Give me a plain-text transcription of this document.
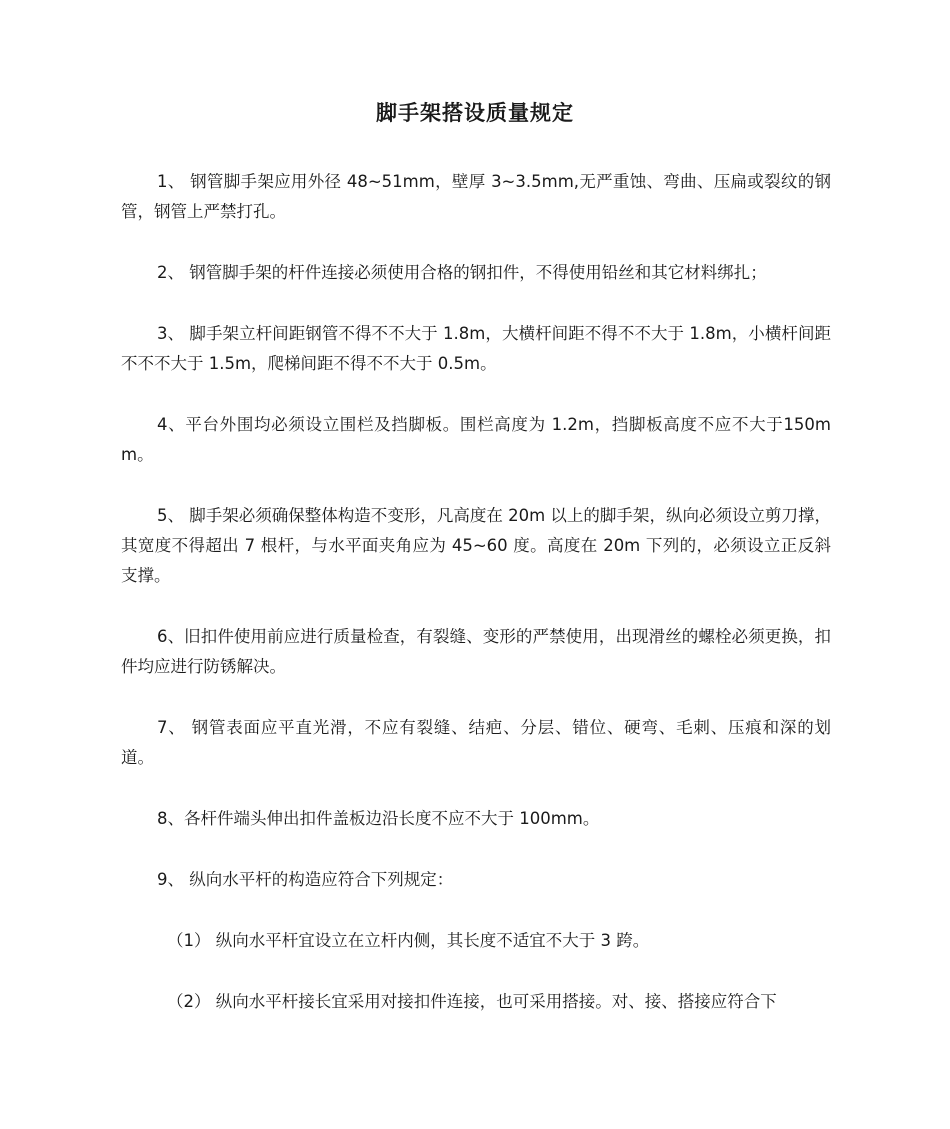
脚手架搭设质量规定

1、 钢管脚手架应用外径 48~51mm，壁厚 3~3.5mm,无严重蚀、弯曲、压扁或裂纹的钢管，钢管上严禁打孔。

2、 钢管脚手架的杆件连接必须使用合格的钢扣件，不得使用铅丝和其它材料绑扎；

3、 脚手架立杆间距钢管不得不不大于 1.8m，大横杆间距不得不不大于 1.8m，小横杆间距不不不大于 1.5m，爬梯间距不得不不大于 0.5m。

4、平台外围均必须设立围栏及挡脚板。围栏高度为 1.2m，挡脚板高度不应不大于150mm。

5、 脚手架必须确保整体构造不变形，凡高度在 20m 以上的脚手架，纵向必须设立剪刀撑，其宽度不得超出 7 根杆，与水平面夹角应为 45~60 度。高度在 20m 下列的，必须设立正反斜支撑。

6、旧扣件使用前应进行质量检查，有裂缝、变形的严禁使用，出现滑丝的螺栓必须更换，扣件均应进行防锈解决。

7、 钢管表面应平直光滑，不应有裂缝、结疤、分层、错位、硬弯、毛刺、压痕和深的划道。

8、各杆件端头伸出扣件盖板边沿长度不应不大于 100mm。

9、 纵向水平杆的构造应符合下列规定：

（1） 纵向水平杆宜设立在立杆内侧，其长度不适宜不大于 3 跨。

（2） 纵向水平杆接长宜采用对接扣件连接，也可采用搭接。对、接、搭接应符合下
